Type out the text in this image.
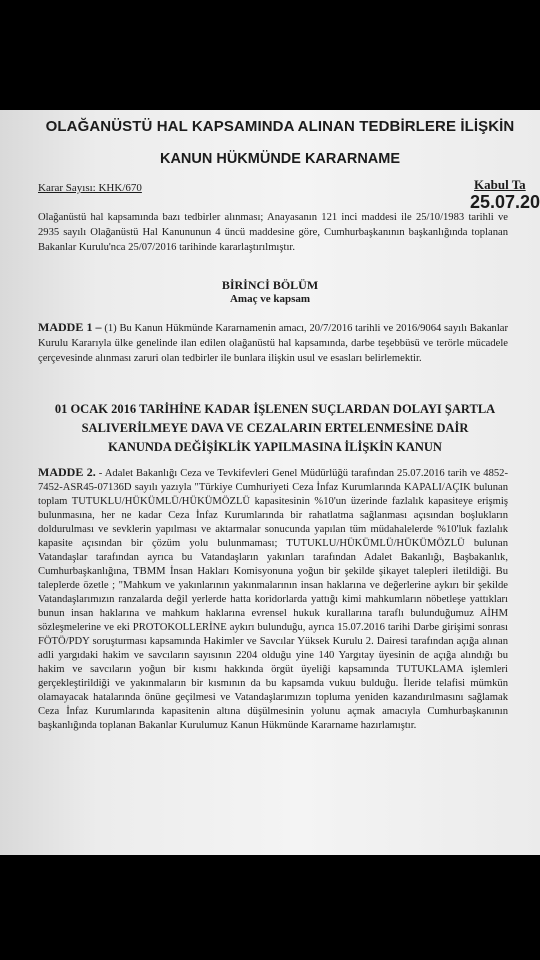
OLAĞANÜSTÜ HAL KAPSAMINDA ALINAN TEDBİRLERE İLİŞKİN
KANUN HÜKMÜNDE KARARNAME
Karar Sayısı: KHK/670	Kabul Ta
25.07.20
Olağanüstü hal kapsamında bazı tedbirler alınması; Anayasanın 121 inci maddesi ile 25/10/1983 tarihli ve 2935 sayılı Olağanüstü Hal Kanununun 4 üncü maddesine göre, Cumhurbaşkanının başkanlığında toplanan Bakanlar Kurulu'nca 25/07/2016 tarihinde kararlaştırılmıştır.
BİRİNCİ BÖLÜM
Amaç ve kapsam
MADDE 1 – (1) Bu Kanun Hükmünde Kararnamenin amacı, 20/7/2016 tarihli ve 2016/9064 sayılı Bakanlar Kurulu Kararıyla ülke genelinde ilan edilen olağanüstü hal kapsamında, darbe teşebbüsü ve terörle mücadele çerçevesinde alınması zaruri olan tedbirler ile bunlara ilişkin usul ve esasları belirlemektir.
01 OCAK 2016 TARİHİNE KADAR İŞLENEN SUÇLARDAN DOLAYI ŞARTLA
SALIVERİLMEYE DAVA VE CEZALARIN ERTELENMESİNE DAİR
KANUNDA DEĞİŞİKLİK YAPILMASINA İLİŞKİN KANUN
MADDE 2. - Adalet Bakanlığı Ceza ve Tevkifevleri Genel Müdürlüğü tarafından 25.07.2016 tarih ve 4852-7452-ASR45-07136D sayılı yazıyla "Türkiye Cumhuriyeti Ceza İnfaz Kurumlarında KAPALI/AÇIK bulunan toplam TUTUKLU/HÜKÜMLÜ/HÜKÜMÖZLÜ kapasitesinin %10'un üzerinde fazlalık kapasiteye erişmiş bulunmasına, her ne kadar Ceza İnfaz Kurumlarında bir rahatlatma sağlanması açısından boşlukların doldurulması ve sevklerin yapılması ve aktarmalar sonucunda yapılan tüm müdahalelerde %10'luk fazlalık kapasite açısından bir çözüm yolu bulunmaması; TUTUKLU/HÜKÜMLÜ/HÜKÜMÖZLÜ bulunan Vatandaşlar tarafından ayrıca bu Vatandaşların yakınları tarafından Adalet Bakanlığı, Başbakanlık, Cumhurbaşkanlığına, TBMM İnsan Hakları Komisyonuna yoğun bir şekilde şikayet talepleri iletildiği. Bu taleplerde özetle ; "Mahkum ve yakınlarının yakınmalarının insan haklarına ve değerlerine aykırı bir şekilde Vatandaşlarımızın ranzalarda değil yerlerde hatta koridorlarda yattığı kimi mahkumların nöbetleşe yattıkları bunun insan haklarına ve mahkum haklarına evrensel hukuk kurallarına taraflı bulunduğumuz AİHM sözleşmelerine ve eki PROTOKOLLERİNE aykırı bulunduğu, ayrıca 15.07.2016 tarihi Darbe girişimi sonrası FÖTÖ/PDY soruşturması kapsamında Hakimler ve Savcılar Yüksek Kurulu 2. Dairesi tarafından açığa alınan adli yargıdaki hakim ve savcıların sayısının 2204 olduğu yine 140 Yargıtay üyesinin de açığa alındığı bu hakim ve savcıların yoğun bir kısmı hakkında örgüt üyeliği kapsamında TUTUKLAMA işlemleri gerçekleştirildiği ve yakınmaların bir kısmının da bu kapsamda vukuu bulduğu. İleride telafisi mümkün olamayacak hatalarında önüne geçilmesi ve Vatandaşlarımızın topluma yeniden kazandırılmasını sağlamak Ceza İnfaz Kurumlarında kapasitenin altına düşülmesinin yolunu açmak amacıyla Cumhurbaşkanının başkanlığında toplanan Bakanlar Kurulumuz Kanun Hükmünde Kararname hazırlamıştır.
